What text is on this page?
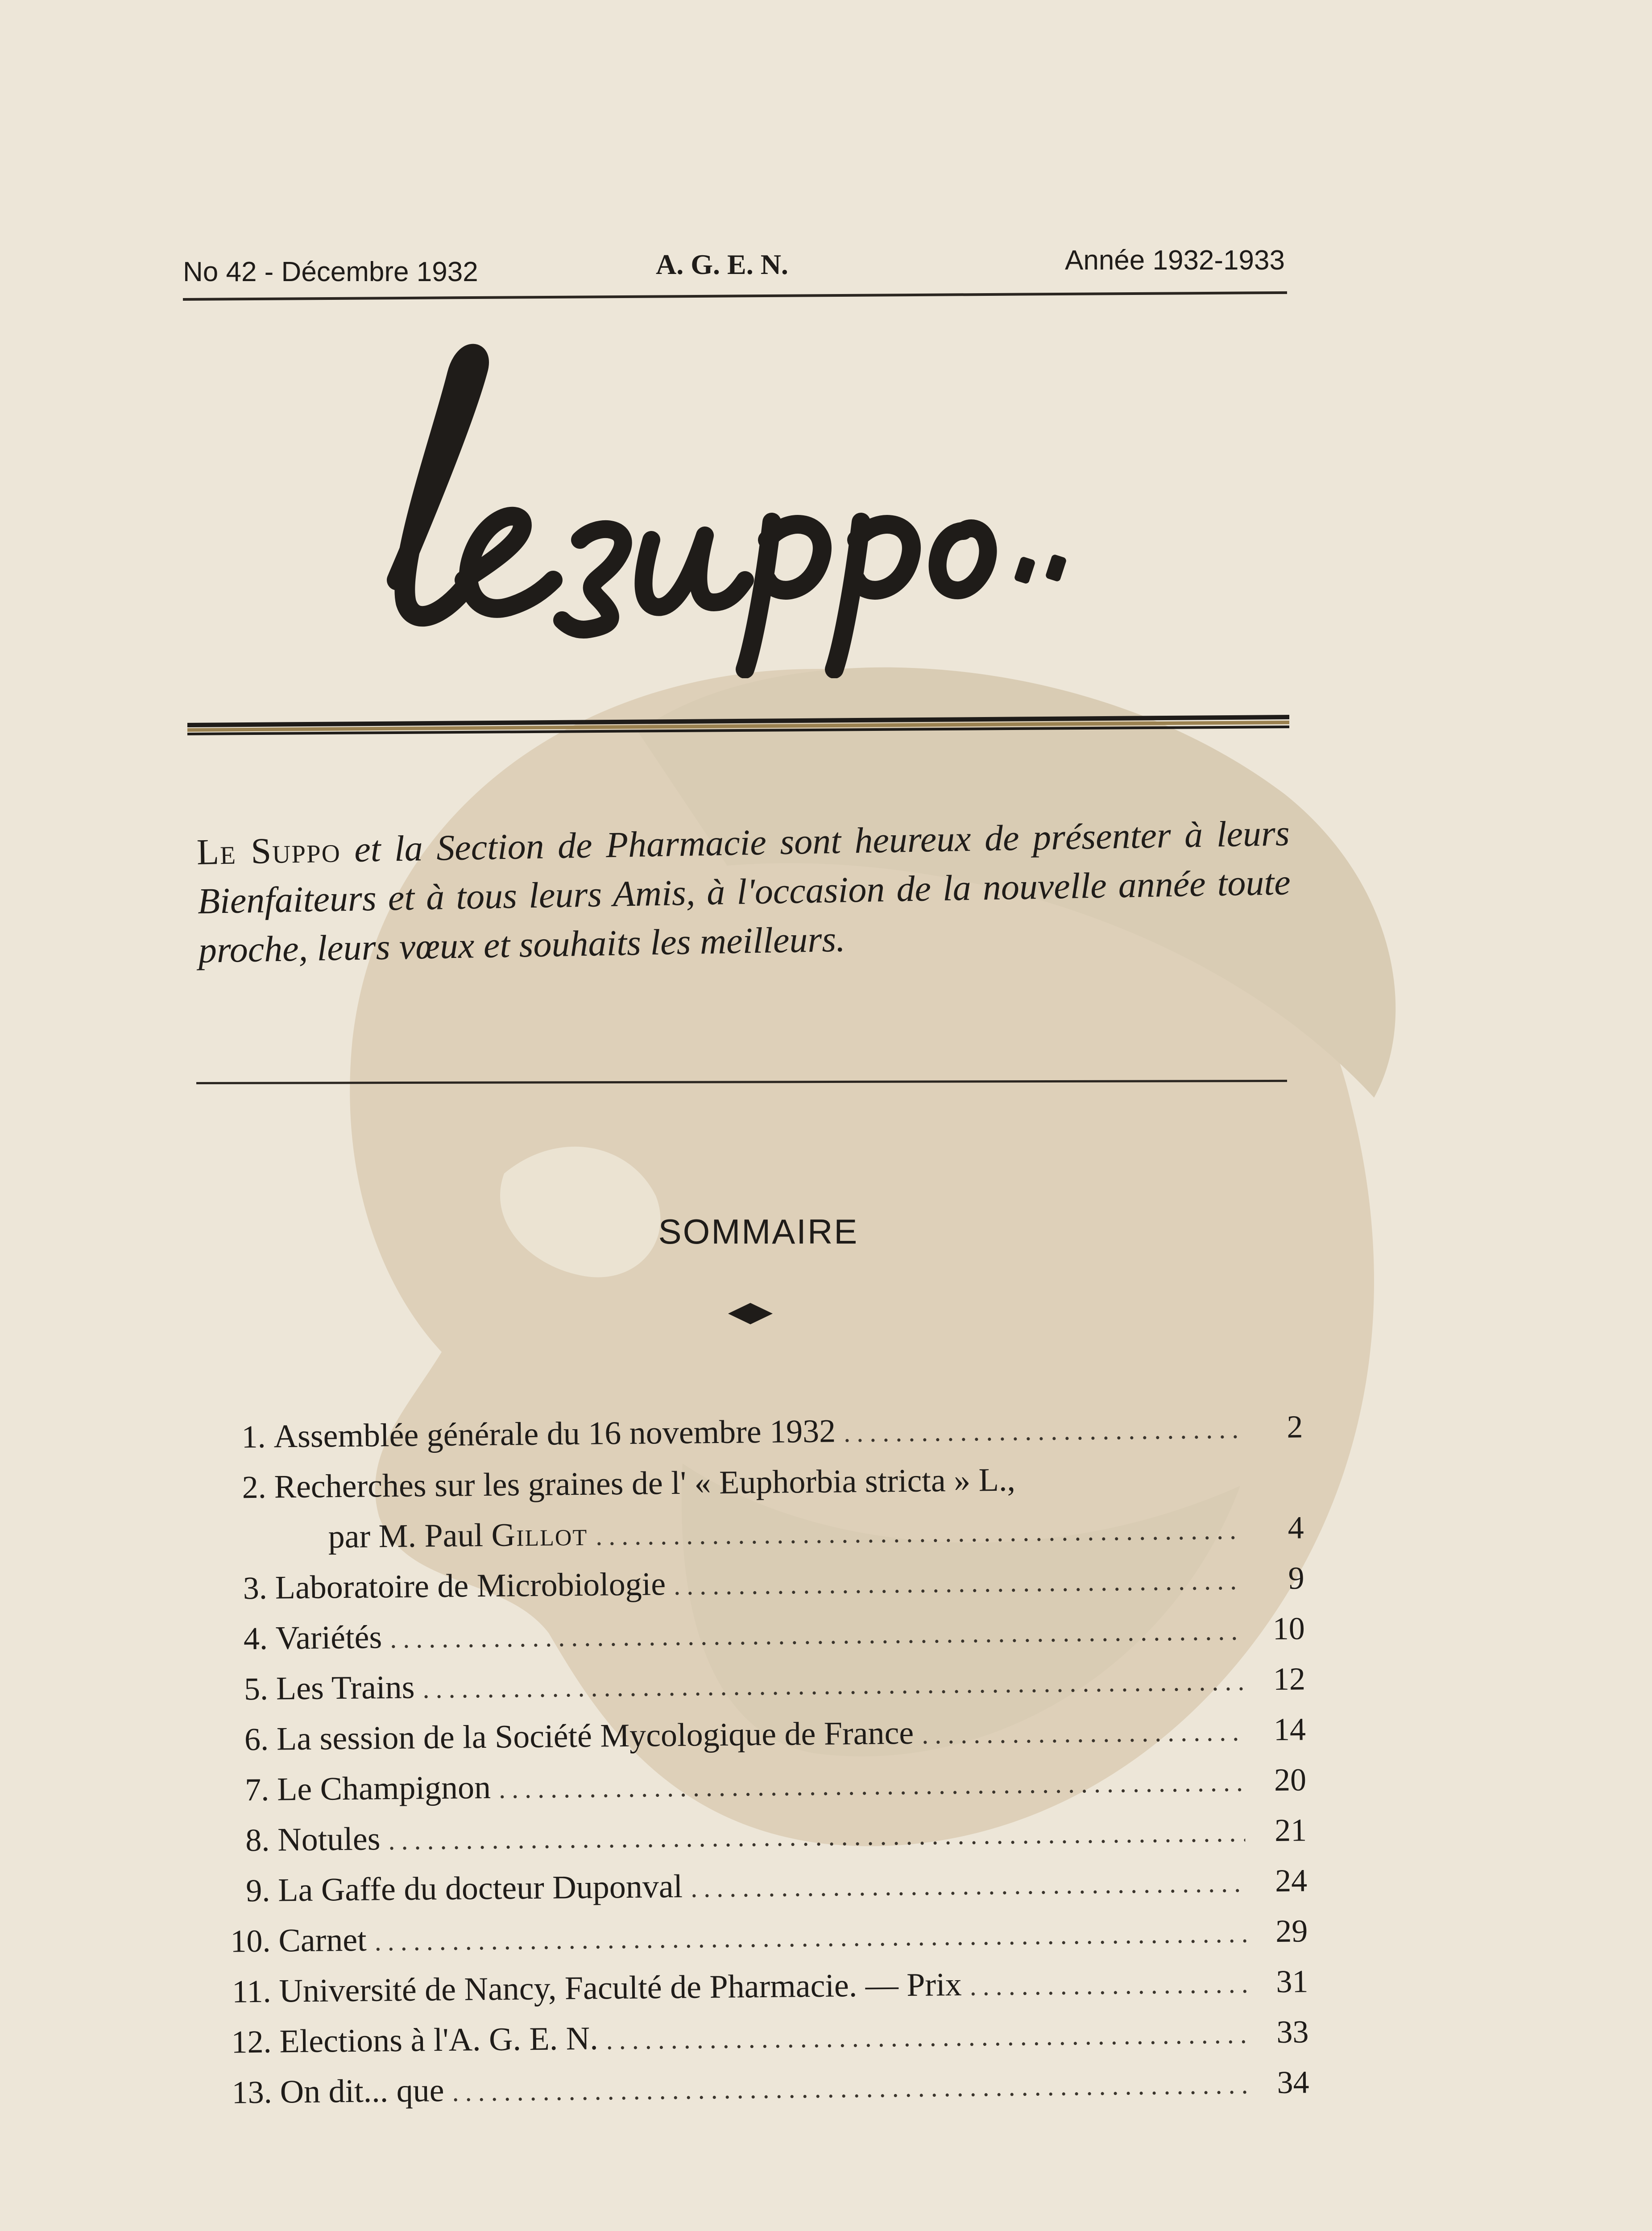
No 42 - Décembre 1932	A. G. E. N.	Année 1932-1933
Le Suppo et la Section de Pharmacie sont heureux de présenter à leurs Bienfaiteurs et à tous leurs Amis, à l'occasion de la nouvelle année toute proche, leurs vœux et souhaits les meilleurs.
SOMMAIRE
1. Assemblée générale du 16 novembre 1932 .....	2
2. Recherches sur les graines de l' « Euphorbia stricta » L.,
par M. Paul Gillot .....	4
3. Laboratoire de Microbiologie .....	9
4. Variétés .....	10
5. Les Trains .....	12
6. La session de la Société Mycologique de France .....	14
7. Le Champignon .....	20
8. Notules .....	21
9. La Gaffe du docteur Duponval .....	24
10. Carnet .....	29
11. Université de Nancy, Faculté de Pharmacie. — Prix .....	31
12. Elections à l'A. G. E. N. .....	33
13. On dit... que .....	34
